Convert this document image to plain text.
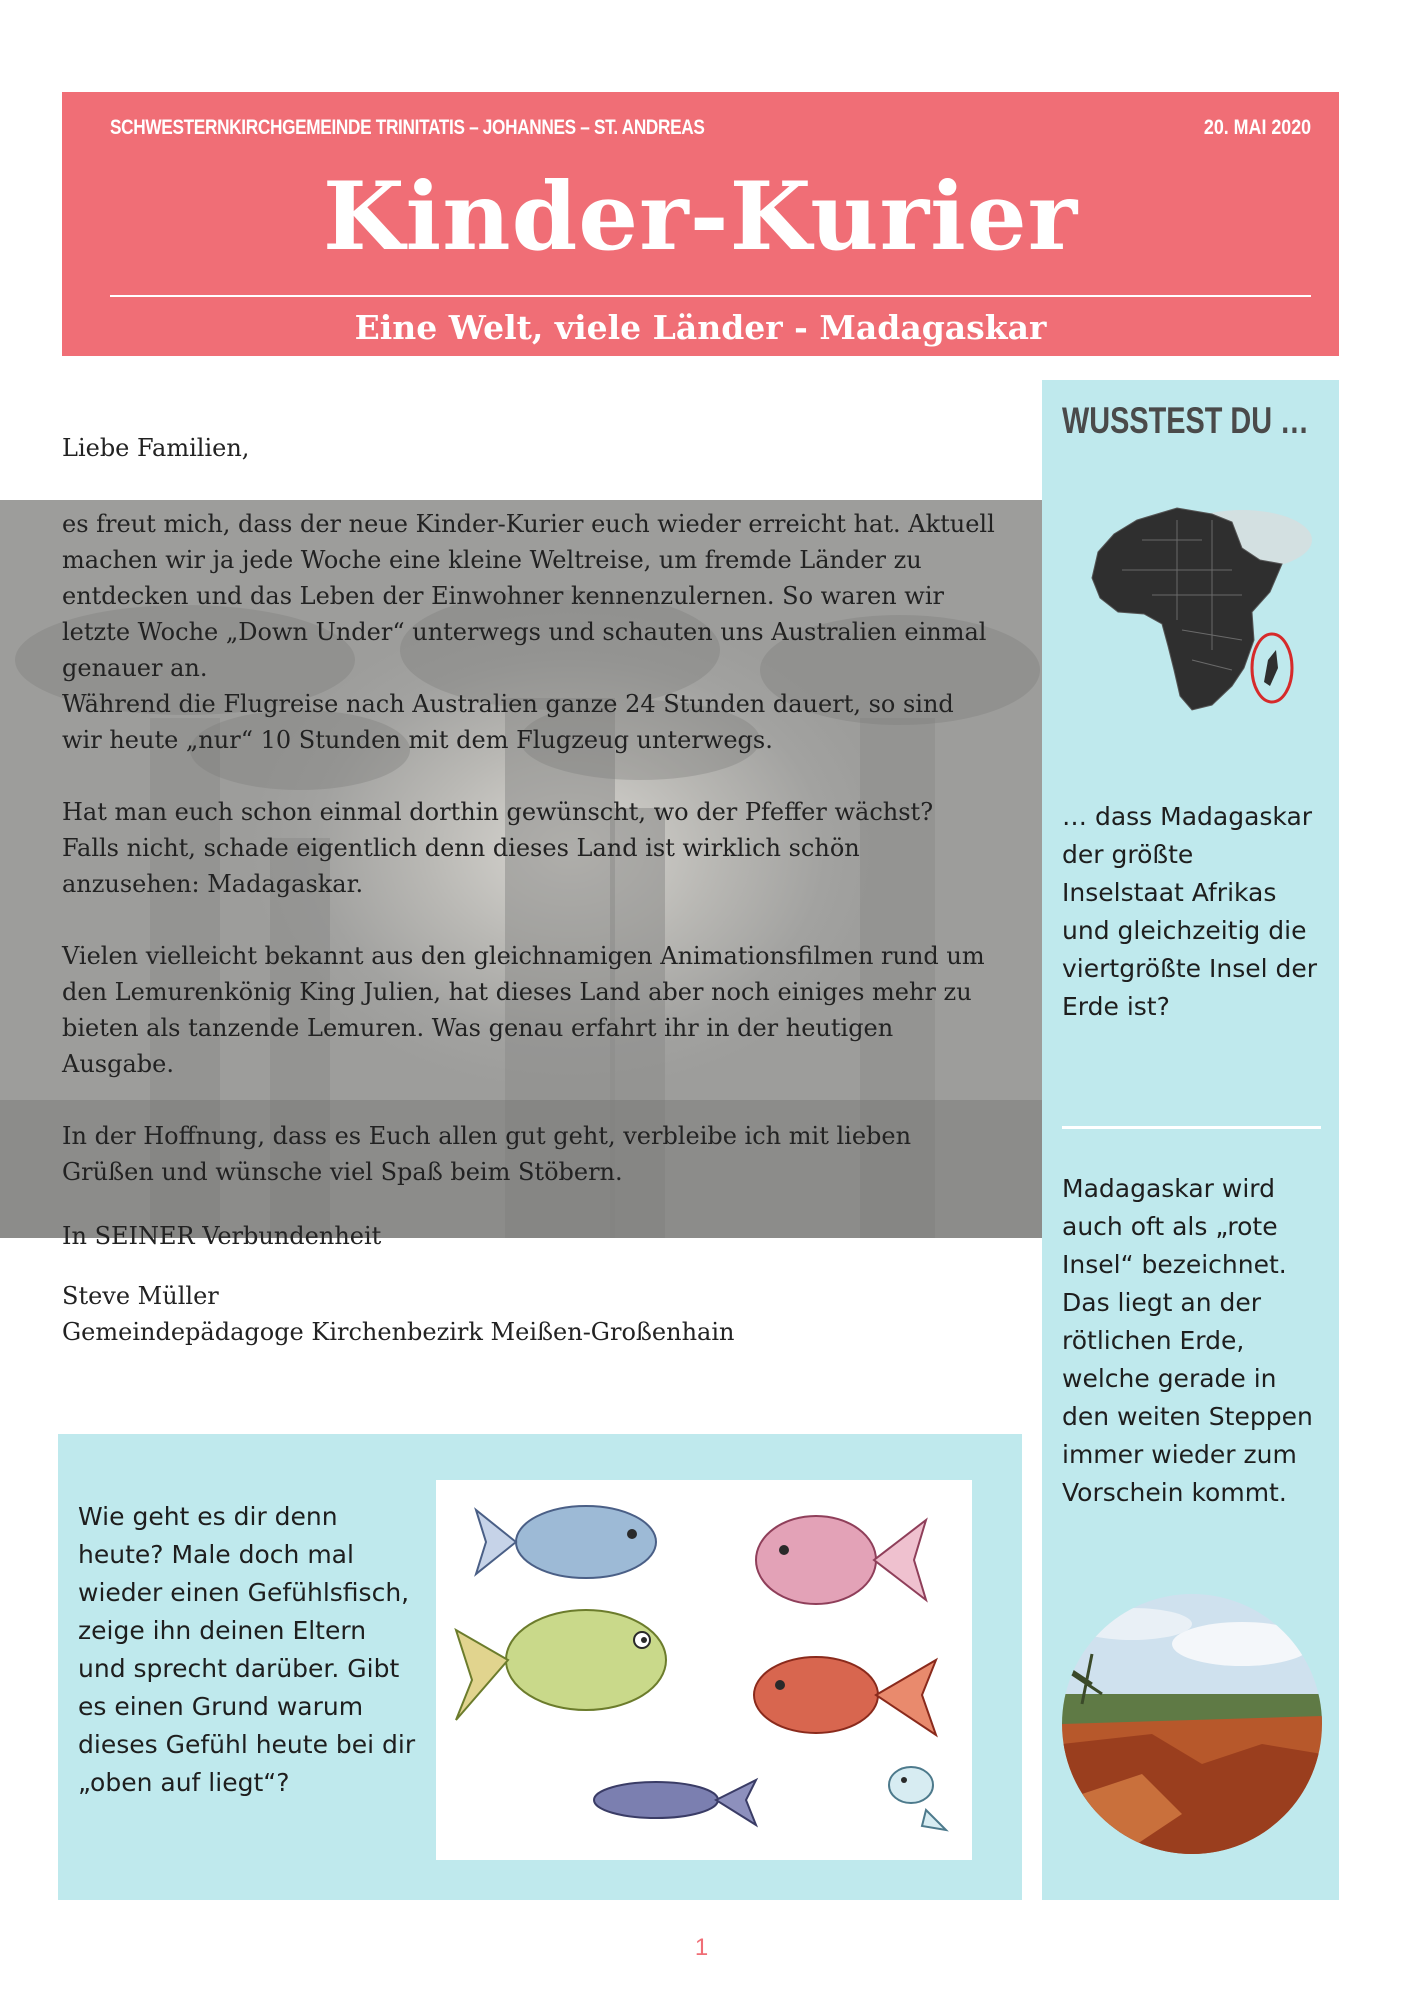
SCHWESTERNKIRCHGEMEINDE TRINITATIS – JOHANNES – ST. ANDREAS	20. MAI 2020
Kinder-Kurier
Eine Welt, viele Länder - Madagaskar

Liebe Familien,

es freut mich, dass der neue Kinder-Kurier euch wieder erreicht hat. Aktuell

machen wir ja jede Woche eine kleine Weltreise, um fremde Länder zu

entdecken und das Leben der Einwohner kennenzulernen. So waren wir

letzte Woche „Down Under“ unterwegs und schauten uns Australien einmal

genauer an.

Während die Flugreise nach Australien ganze 24 Stunden dauert, so sind

wir heute „nur“ 10 Stunden mit dem Flugzeug unterwegs.

Hat man euch schon einmal dorthin gewünscht, wo der Pfeffer wächst?

Falls nicht, schade eigentlich denn dieses Land ist wirklich schön

anzusehen: Madagaskar.

Vielen vielleicht bekannt aus den gleichnamigen Animationsfilmen rund um

den Lemurenkönig King Julien, hat dieses Land aber noch einiges mehr zu

bieten als tanzende Lemuren. Was genau erfahrt ihr in der heutigen

Ausgabe.

In der Hoffnung, dass es Euch allen gut geht, verbleibe ich mit lieben

Grüßen und wünsche viel Spaß beim Stöbern.

In SEINER Verbundenheit

Steve Müller

Gemeindepädagoge Kirchenbezirk Meißen-Großenhain

WUSSTEST DU …
… dass Madagaskar der größte Inselstaat Afrikas und gleichzeitig die viertgrößte Insel der Erde ist?
Madagaskar wird auch oft als „rote Insel“ bezeichnet. Das liegt an der rötlichen Erde, welche gerade in den weiten Steppen immer wieder zum Vorschein kommt.
Wie geht es dir denn heute? Male doch mal wieder einen Gefühlsfisch, zeige ihn deinen Eltern und sprecht darüber. Gibt es einen Grund warum dieses Gefühl heute bei dir „oben auf liegt“?
1
